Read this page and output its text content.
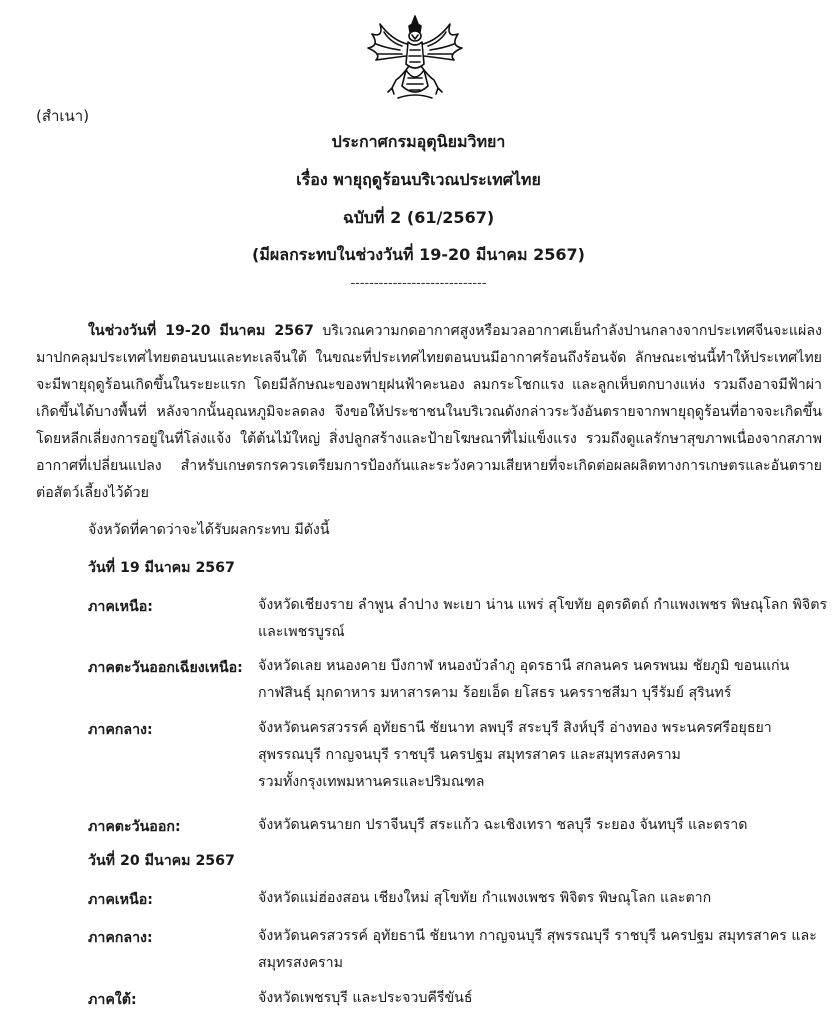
(สำเนา)
ประกาศกรมอุตุนิยมวิทยา
เรื่อง พายุฤดูร้อนบริเวณประเทศไทย
ฉบับที่ 2 (61/2567)
(มีผลกระทบในช่วงวันที่ 19-20 มีนาคม 2567)
-----------------------------
ในช่วงวันที่ 19-20 มีนาคม 2567 บริเวณความกดอากาศสูงหรือมวลอากาศเย็นกำลังปานกลางจากประเทศจีนจะแผ่ลงมาปกคลุมประเทศไทยตอนบนและทะเลจีนใต้ ในขณะที่ประเทศไทยตอนบนมีอากาศร้อนถึงร้อนจัด ลักษณะเช่นนี้ทำให้ประเทศไทยจะมีพายุฤดูร้อนเกิดขึ้นในระยะแรก โดยมีลักษณะของพายุฝนฟ้าคะนอง ลมกระโชกแรง และลูกเห็บตกบางแห่ง รวมถึงอาจมีฟ้าผ่าเกิดขึ้นได้บางพื้นที่ หลังจากนั้นอุณหภูมิจะลดลง จึงขอให้ประชาชนในบริเวณดังกล่าวระวังอันตรายจากพายุฤดูร้อนที่อาจจะเกิดขึ้น โดยหลีกเลี่ยงการอยู่ในที่โล่งแจ้ง ใต้ต้นไม้ใหญ่ สิ่งปลูกสร้างและป้ายโฆษณาที่ไม่แข็งแรง รวมถึงดูแลรักษาสุขภาพเนื่องจากสภาพอากาศที่เปลี่ยนแปลง สำหรับเกษตรกรควรเตรียมการป้องกันและระวังความเสียหายที่จะเกิดต่อผลผลิตทางการเกษตรและอันตรายต่อสัตว์เลี้ยงไว้ด้วย
จังหวัดที่คาดว่าจะได้รับผลกระทบ มีดังนี้
วันที่ 19 มีนาคม 2567
ภาคเหนือ:	จังหวัดเชียงราย ลำพูน ลำปาง พะเยา น่าน แพร่ สุโขทัย อุตรดิตถ์ กำแพงเพชร พิษณุโลก พิจิตร และเพชรบูรณ์
ภาคตะวันออกเฉียงเหนือ: จังหวัดเลย หนองคาย บึงกาฬ หนองบัวลำภู อุดรธานี สกลนคร นครพนม ชัยภูมิ ขอนแก่น กาฬสินธุ์ มุกดาหาร มหาสารคาม ร้อยเอ็ด ยโสธร นครราชสีมา บุรีรัมย์ สุรินทร์
ภาคกลาง:	จังหวัดนครสวรรค์ อุทัยธานี ชัยนาท ลพบุรี สระบุรี สิงห์บุรี อ่างทอง พระนครศรีอยุธยา สุพรรณบุรี กาญจนบุรี ราชบุรี นครปฐม สมุทรสาคร และสมุทรสงคราม
รวมทั้งกรุงเทพมหานครและปริมณฑล
ภาคตะวันออก:	จังหวัดนครนายก ปราจีนบุรี สระแก้ว ฉะเชิงเทรา ชลบุรี ระยอง จันทบุรี และตราด
วันที่ 20 มีนาคม 2567
ภาคเหนือ:	จังหวัดแม่ฮ่องสอน เชียงใหม่ สุโขทัย กำแพงเพชร พิจิตร พิษณุโลก และตาก
ภาคกลาง:	จังหวัดนครสวรรค์ อุทัยธานี ชัยนาท กาญจนบุรี สุพรรณบุรี ราชบุรี นครปฐม สมุทรสาคร และสมุทรสงคราม
ภาคใต้:	จังหวัดเพชรบุรี และประจวบคีรีขันธ์
